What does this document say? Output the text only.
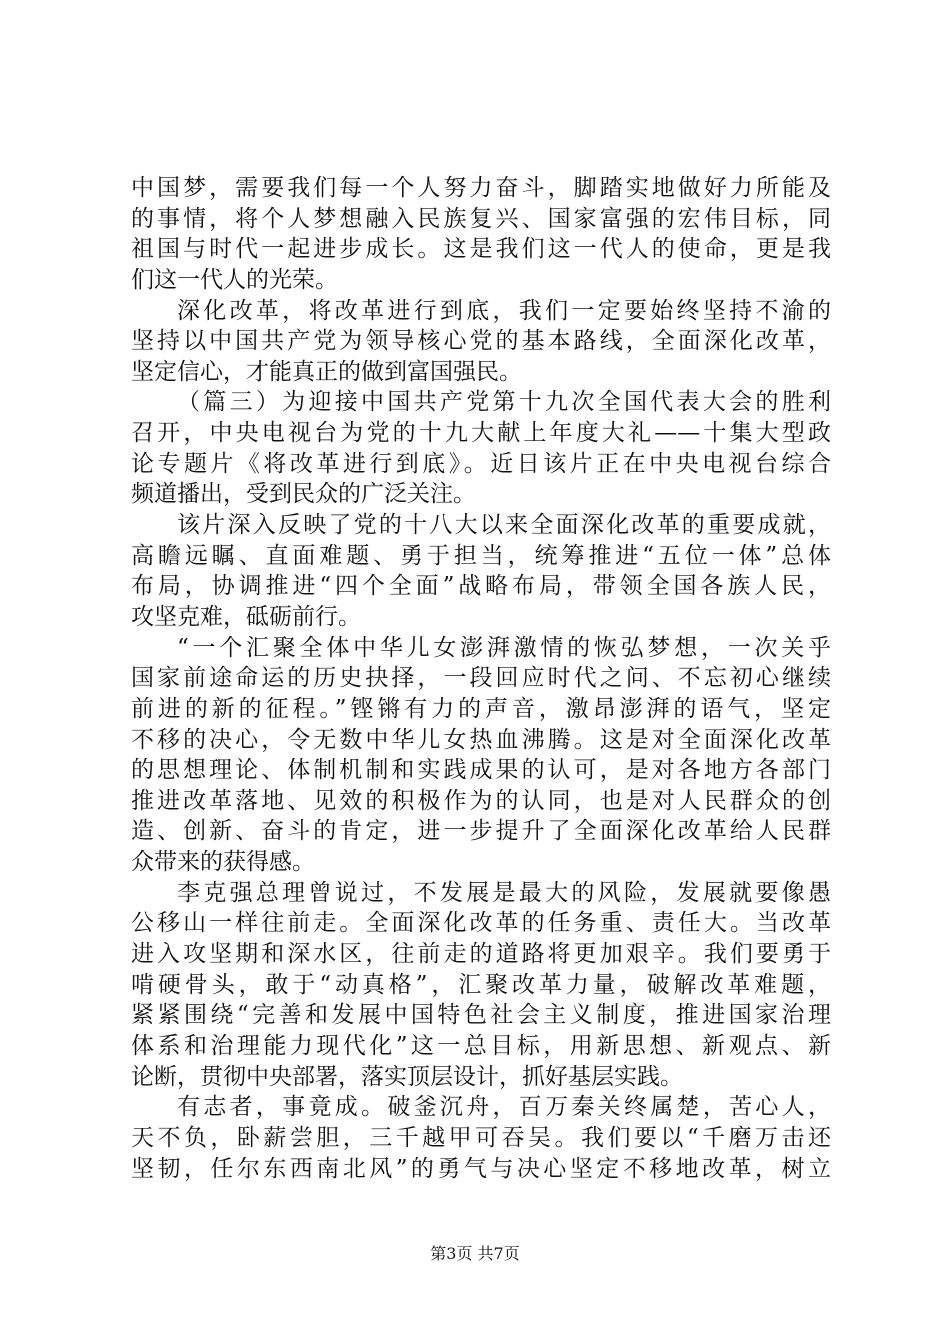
中国梦，需要我们每一个人努力奋斗，脚踏实地做好力所能及
的事情，将个人梦想融入民族复兴、国家富强的宏伟目标，同
祖国与时代一起进步成长。这是我们这一代人的使命，更是我
们这一代人的光荣。
深化改革，将改革进行到底，我们一定要始终坚持不渝的
坚持以中国共产党为领导核心党的基本路线，全面深化改革，
坚定信心，才能真正的做到富国强民。
（篇三）为迎接中国共产党第十九次全国代表大会的胜利
召开，中央电视台为党的十九大献上年度大礼——十集大型政
论专题片《将改革进行到底》。近日该片正在中央电视台综合
频道播出，受到民众的广泛关注。
该片深入反映了党的十八大以来全面深化改革的重要成就，
高瞻远瞩、直面难题、勇于担当，统筹推进“五位一体”总体
布局，协调推进“四个全面”战略布局，带领全国各族人民，
攻坚克难，砥砺前行。
“一个汇聚全体中华儿女澎湃激情的恢弘梦想，一次关乎
国家前途命运的历史抉择，一段回应时代之问、不忘初心继续
前进的新的征程。”铿锵有力的声音，激昂澎湃的语气，坚定
不移的决心，令无数中华儿女热血沸腾。这是对全面深化改革
的思想理论、体制机制和实践成果的认可，是对各地方各部门
推进改革落地、见效的积极作为的认同，也是对人民群众的创
造、创新、奋斗的肯定，进一步提升了全面深化改革给人民群
众带来的获得感。
李克强总理曾说过，不发展是最大的风险，发展就要像愚
公移山一样往前走。全面深化改革的任务重、责任大。当改革
进入攻坚期和深水区，往前走的道路将更加艰辛。我们要勇于
啃硬骨头，敢于“动真格”，汇聚改革力量，破解改革难题，
紧紧围绕“完善和发展中国特色社会主义制度，推进国家治理
体系和治理能力现代化”这一总目标，用新思想、新观点、新
论断，贯彻中央部署，落实顶层设计，抓好基层实践。
有志者，事竟成。破釜沉舟，百万秦关终属楚，苦心人，
天不负，卧薪尝胆，三千越甲可吞吴。我们要以“千磨万击还
坚韧，任尔东西南北风”的勇气与决心坚定不移地改革，树立
第3页 共7页
